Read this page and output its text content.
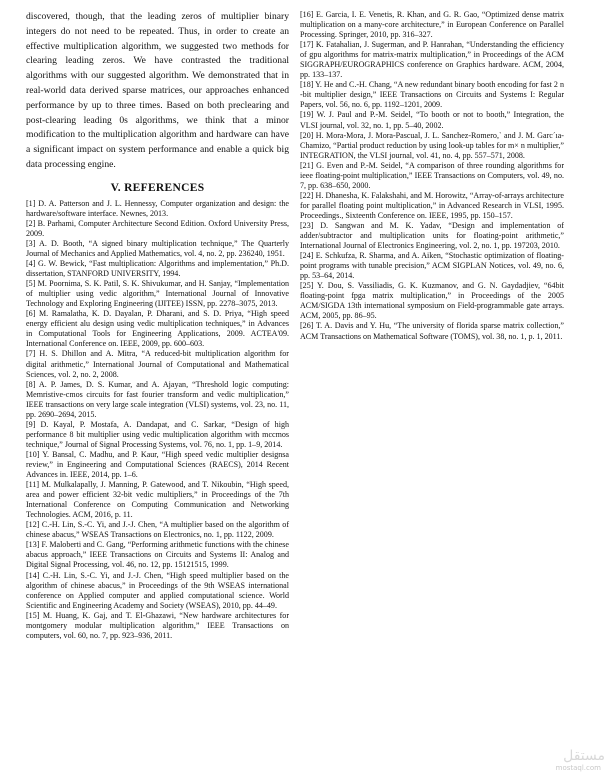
discovered, though, that the leading zeros of multiplier binary integers do not need to be repeated. Thus, in order to create an effective multiplication algorithm, we suggested two methods for clearing leading zeros. We have contrasted the traditional algorithms with our suggested algorithm. We demonstrated that in real-world data derived sparse matrices, our approaches enhanced performance by up to three times. Based on both preclearing and post-clearing leading 0s algorithms, we think that a minor modification to the multiplication algorithm and hardware can have a significant impact on system performance and enable a quick big data processing engine.

V. REFERENCES
[1] D. A. Patterson and J. L. Hennessy, Computer organization and design: the hardware/software interface. Newnes, 2013.
[2] B. Parhami, Computer Architecture Second Edition. Oxford University Press, 2009.
[3] A. D. Booth, “A signed binary multiplication technique,” The Quarterly Journal of Mechanics and Applied Mathematics, vol. 4, no. 2, pp. 236240, 1951.
[4] G. W. Bewick, “Fast multiplication: Algorithms and implementation,” Ph.D. dissertation, STANFORD UNIVERSITY, 1994.
[5] M. Poornima, S. K. Patil, S. K. Shivukumar, and H. Sanjay, “Implementation of multiplier using vedic algorithm,” International Journal of Innovative Technology and Exploring Engineering (IJITEE) ISSN, pp. 2278–3075, 2013.
[6] M. Ramalatha, K. D. Dayalan, P. Dharani, and S. D. Priya, “High speed energy efficient alu design using vedic multiplication techniques,” in Advances in Computational Tools for Engineering Applications, 2009. ACTEA'09. International Conference on. IEEE, 2009, pp. 600–603.
[7] H. S. Dhillon and A. Mitra, “A reduced-bit multiplication algorithm for digital arithmetic,” International Journal of Computational and Mathematical Sciences, vol. 2, no. 2, 2008.
[8] A. P. James, D. S. Kumar, and A. Ajayan, “Threshold logic computing: Memristive-cmos circuits for fast fourier transform and vedic multiplication,” IEEE transactions on very large scale integration (VLSI) systems, vol. 23, no. 11, pp. 2690–2694, 2015.
[9] D. Kayal, P. Mostafa, A. Dandapat, and C. Sarkar, “Design of high performance 8 bit multiplier using vedic multiplication algorithm with mccmos technique,” Journal of Signal Processing Systems, vol. 76, no. 1, pp. 1–9, 2014.
[10] Y. Bansal, C. Madhu, and P. Kaur, “High speed vedic multiplier designsa review,” in Engineering and Computational Sciences (RAECS), 2014 Recent Advances in. IEEE, 2014, pp. 1–6.
[11] M. Mulkalapally, J. Manning, P. Gatewood, and T. Nikoubin, “High speed, area and power efficient 32-bit vedic multipliers,” in Proceedings of the 7th International Conference on Computing Communication and Networking Technologies. ACM, 2016, p. 11.
[12] C.-H. Lin, S.-C. Yi, and J.-J. Chen, “A multiplier based on the algorithm of chinese abacus,” WSEAS Transactions on Electronics, no. 1, pp. 1122, 2009.
[13] F. Maloberti and C. Gang, “Performing arithmetic functions with the chinese abacus approach,” IEEE Transactions on Circuits and Systems II: Analog and Digital Signal Processing, vol. 46, no. 12, pp. 15121515, 1999.
[14] C.-H. Lin, S.-C. Yi, and J.-J. Chen, “High speed multiplier based on the algorithm of chinese abacus,” in Proceedings of the 9th WSEAS international conference on Applied computer and applied computational science. World Scientific and Engineering Academy and Society (WSEAS), 2010, pp. 44–49.
[15] M. Huang, K. Gaj, and T. El-Ghazawi, “New hardware architectures for montgomery modular multiplication algorithm,” IEEE Transactions on computers, vol. 60, no. 7, pp. 923–936, 2011.
[16] E. Garcia, I. E. Venetis, R. Khan, and G. R. Gao, “Optimized dense matrix multiplication on a many-core architecture,” in European Conference on Parallel Processing. Springer, 2010, pp. 316–327.
[17] K. Fatahalian, J. Sugerman, and P. Hanrahan, “Understanding the efficiency of gpu algorithms for matrix-matrix multiplication,” in Proceedings of the ACM SIGGRAPH/EUROGRAPHICS conference on Graphics hardware. ACM, 2004, pp. 133–137.
[18] Y. He and C.-H. Chang, “A new redundant binary booth encoding for fast 2 n -bit multiplier design,” IEEE Transactions on Circuits and Systems I: Regular Papers, vol. 56, no. 6, pp. 1192–1201, 2009.
[19] W. J. Paul and P.-M. Seidel, “To booth or not to booth,” Integration, the VLSI journal, vol. 32, no. 1, pp. 5–40, 2002.
[20] H. Mora-Mora, J. Mora-Pascual, J. L. Sanchez-Romero,` and J. M. Garc´ıa-Chamizo, “Partial product reduction by using look-up tables for m× n multiplier,” INTEGRATION, the VLSI journal, vol. 41, no. 4, pp. 557–571, 2008.
[21] G. Even and P.-M. Seidel, “A comparison of three rounding algorithms for ieee floating-point multiplication,” IEEE Transactions on Computers, vol. 49, no. 7, pp. 638–650, 2000.
[22] H. Dhanesha, K. Falakshahi, and M. Horowitz, “Array-of-arrays architecture for parallel floating point multiplication,” in Advanced Research in VLSI, 1995. Proceedings., Sixteenth Conference on. IEEE, 1995, pp. 150–157.
[23] D. Sangwan and M. K. Yadav, “Design and implementation of adder/subtractor and multiplication units for floating-point arithmetic,” International Journal of Electronics Engineering, vol. 2, no. 1, pp. 197203, 2010.
[24] E. Schkufza, R. Sharma, and A. Aiken, “Stochastic optimization of floating-point programs with tunable precision,” ACM SIGPLAN Notices, vol. 49, no. 6, pp. 53–64, 2014.
[25] Y. Dou, S. Vassiliadis, G. K. Kuzmanov, and G. N. Gaydadjiev, “64bit floating-point fpga matrix multiplication,” in Proceedings of the 2005 ACM/SIGDA 13th international symposium on Field-programmable gate arrays. ACM, 2005, pp. 86–95.
[26] T. A. Davis and Y. Hu, “The university of florida sparse matrix collection,” ACM Transactions on Mathematical Software (TOMS), vol. 38, no. 1, p. 1, 2011.
مستقل
mostaql.com
